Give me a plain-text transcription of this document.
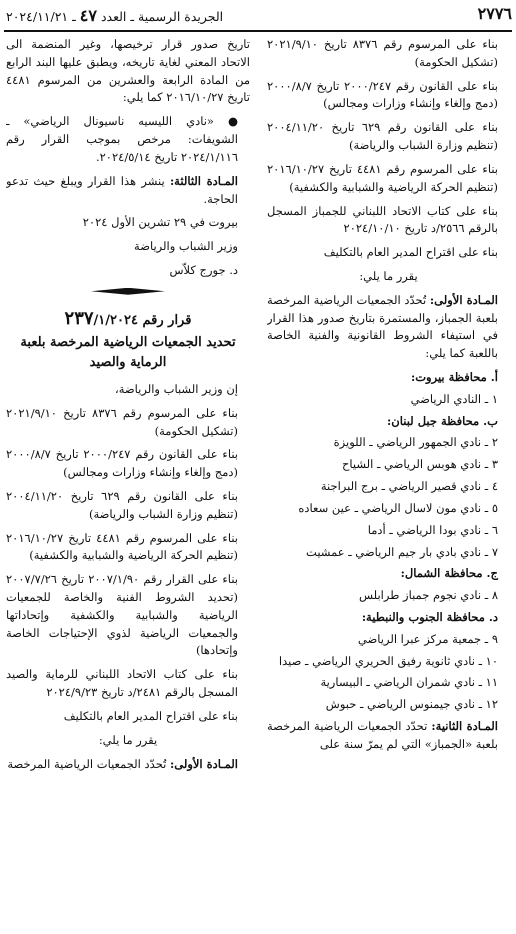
٢٧٧٦
الجريدة الرسمية ـ العدد ٤٧ ـ ٢٠٢٤/١١/٢١

بناء على المرسوم رقم ٨٣٧٦ تاريخ ٢٠٢١/٩/١٠ (تشكيل الحكومة)

بناء على القانون رقم ٢٠٠٠/٢٤٧ تاريخ ٢٠٠٠/٨/٧ (دمج وإلغاء وإنشاء وزارات ومجالس)

بناء على القانون رقم ٦٢٩ تاريخ ٢٠٠٤/١١/٢٠ (تنظيم وزارة الشباب والرياضة)

بناء على المرسوم رقم ٤٤٨١ تاريخ ٢٠١٦/١٠/٢٧ (تنظيم الحركة الرياضية والشبابية والكشفية)

بناء على كتاب الاتحاد اللبناني للجمباز المسجل بالرقم ٢٥٦٦/د تاريخ ٢٠٢٤/١٠/١٠

بناء على اقتراح المدير العام بالتكليف

يقرر ما يلي:

المـادة الأولى: تُحدّد الجمعيات الرياضية المرخصة بلعبة الجمباز، والمستمرة بتاريخ صدور هذا القرار في استيفاء الشروط القانونية والفنية الخاصة باللعبة كما يلي:

أ. محافظة بيروت:
١ ـ النادي الرياضي
ب. محافظة جبل لبنان:
٢ ـ نادي الجمهور الرياضي ـ اللويزة
٣ ـ نادي هوبس الرياضي ـ الشياح
٤ ـ نادي قصير الرياضي ـ برج البراجنة
٥ ـ نادي مون لاسال الرياضي ـ عين سعاده
٦ ـ نادي بودا الرياضي ـ أدما
٧ ـ نادي بادي بار جيم الرياضي ـ عمشيت
ج. محافظة الشمال:
٨ ـ نادي نجوم جمباز طرابلس
د. محافظة الجنوب والنبطية:
٩ ـ جمعية مركز عبرا الرياضي
١٠ ـ نادي ثانوية رفيق الحريري الرياضي ـ صيدا
١١ ـ نادي شمران الرياضي ـ البيسارية
١٢ ـ نادي جيمنوس الرياضي ـ حبوش

المـادة الثانية: تحدّد الجمعيات الرياضية المرخصة بلعبة «الجمباز» التي لم يمرّ سنة على

تاريخ صدور قرار ترخيصها، وغير المنضمة الى الاتحاد المعني لغاية تاريخه، ويطبق عليها البند الرابع من المادة الرابعة والعشرين من المرسوم ٤٤٨١ تاريخ ٢٠١٦/١٠/٢٧ كما يلي:

● «نادي الليسيه ناسيونال الرياضي» ـ الشويفات: مرخص بموجب القرار رقم ٢٠٢٤/١/١١٦ تاريخ ٢٠٢٤/٥/١٤.

المـادة الثالثة: ينشر هذا القرار ويبلغ حيث تدعو الحاجة.

بيروت في ٢٩ تشرين الأول ٢٠٢٤

وزير الشباب والرياضة

د. جورج كلاّس

قرار رقم ٢٣٧/١/٢٠٢٤

تحديد الجمعيات الرياضية المرخصة بلعبة الرماية والصيد

إن وزير الشباب والرياضة،

بناء على المرسوم رقم ٨٣٧٦ تاريخ ٢٠٢١/٩/١٠ (تشكيل الحكومة)

بناء على القانون رقم ٢٠٠٠/٢٤٧ تاريخ ٢٠٠٠/٨/٧ (دمج وإلغاء وإنشاء وزارات ومجالس)

بناء على القانون رقم ٦٢٩ تاريخ ٢٠٠٤/١١/٢٠ (تنظيم وزارة الشباب والرياضة)

بناء على المرسوم رقم ٤٤٨١ تاريخ ٢٠١٦/١٠/٢٧ (تنظيم الحركة الرياضية والشبابية والكشفية)

بناء على القرار رقم ٢٠٠٧/١/٩٠ تاريخ ٢٠٠٧/٧/٢٦ (تحديد الشروط الفنية والخاصة للجمعيات الرياضية والشبابية والكشفية وإتحاداتها والجمعيات الرياضية لذوي الإحتياجات الخاصة وإتحادها)

بناء على كتاب الاتحاد اللبناني للرماية والصيد المسجل بالرقم ٢٤٨١/د تاريخ ٢٠٢٤/٩/٢٣

بناء على اقتراح المدير العام بالتكليف

يقرر ما يلي:

المـادة الأولى: تُحدّد الجمعيات الرياضية المرخصة
